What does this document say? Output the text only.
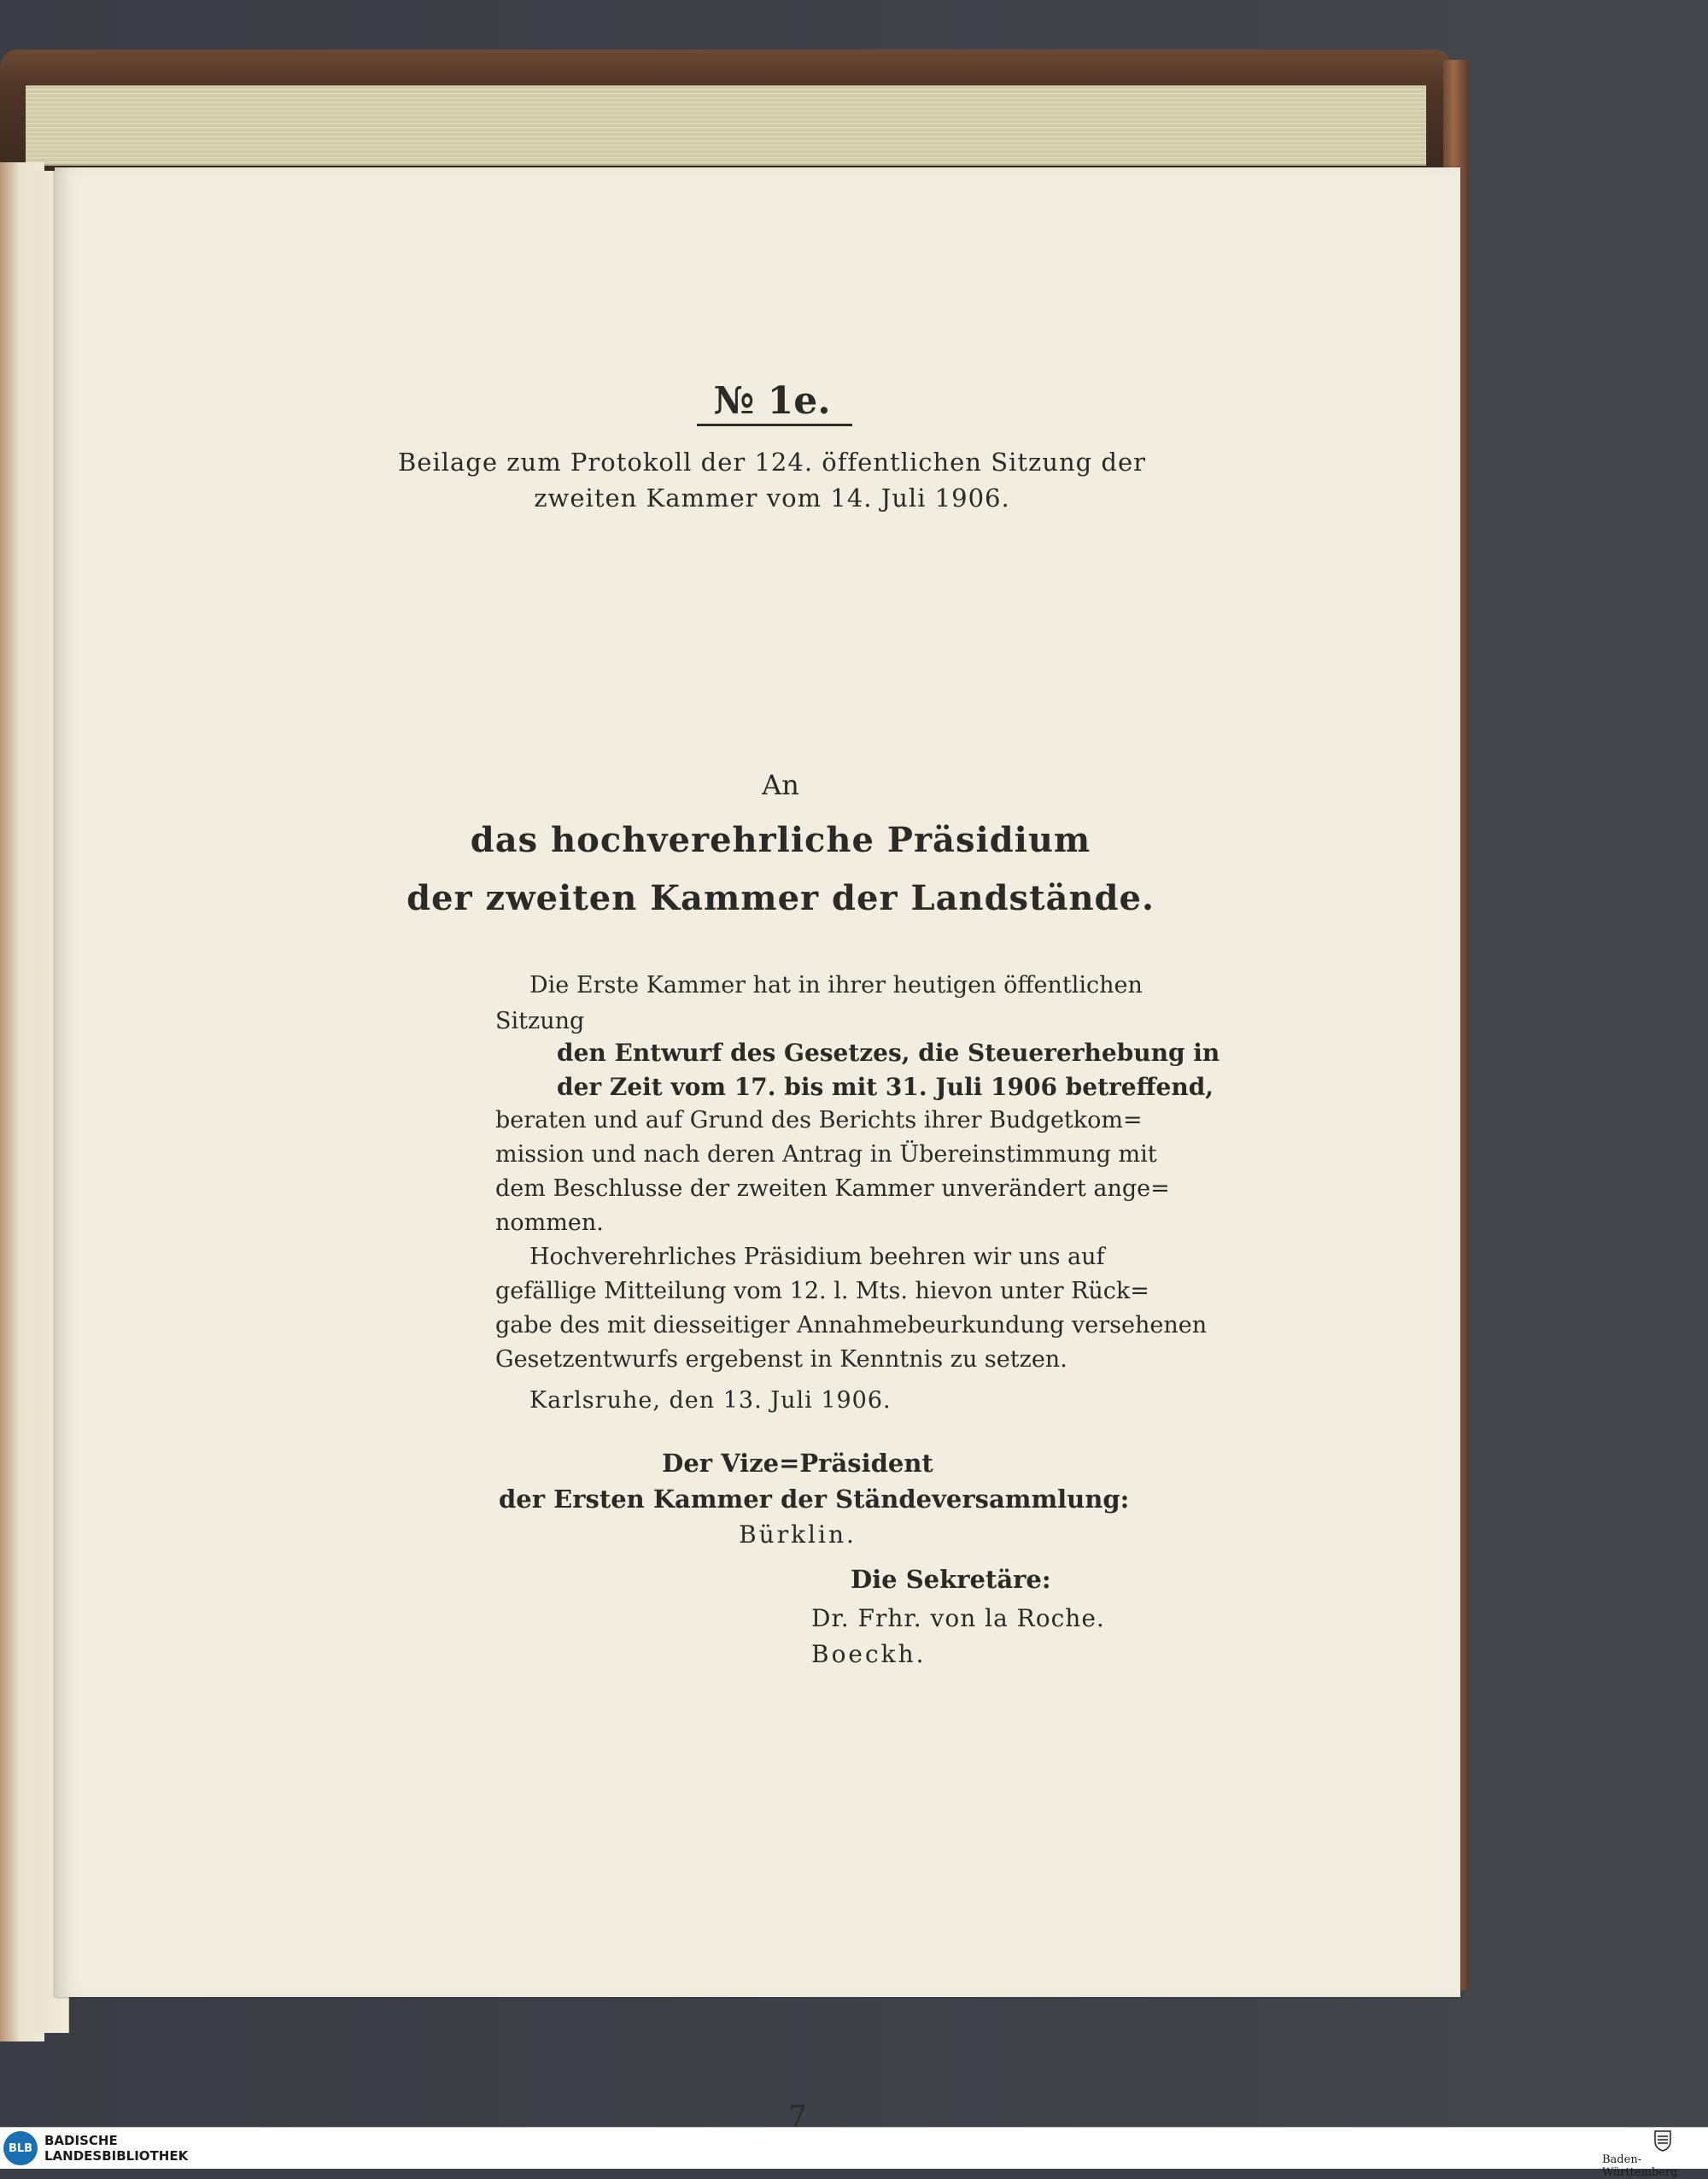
№ 1e.
Beilage zum Protokoll der 124. öffentlichen Sitzung der
zweiten Kammer vom 14. Juli 1906.
An
das hochverehrliche Präsidium
der zweiten Kammer der Landstände.
Die Erste Kammer hat in ihrer heutigen öffentlichen
Sitzung
den Entwurf des Gesetzes, die Steuererhebung in
der Zeit vom 17. bis mit 31. Juli 1906 betreffend,
beraten und auf Grund des Berichts ihrer Budgetkom=
mission und nach deren Antrag in Übereinstimmung mit
dem Beschlusse der zweiten Kammer unverändert ange=
nommen.
Hochverehrliches Präsidium beehren wir uns auf
gefällige Mitteilung vom 12. l. Mts. hievon unter Rück=
gabe des mit diesseitiger Annahmebeurkundung versehenen
Gesetzentwurfs ergebenst in Kenntnis zu setzen.
Karlsruhe, den 13. Juli 1906.
Der Vize=Präsident
der Ersten Kammer der Ständeversammlung:
Bürklin.
Die Sekretäre:
Dr. Frhr. von la Roche.
Boeckh.
7
BLB BADISCHE
LANDESBIBLIOTHEK	Baden-Württemberg
